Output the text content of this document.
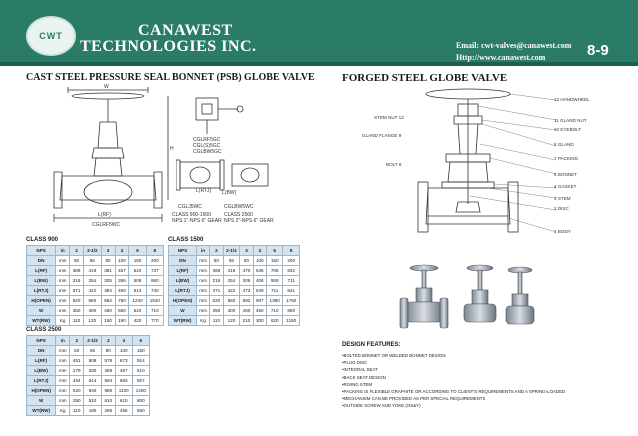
CWT	CANAWEST
TECHNOLOGIES INC.	Email: cwt-valves@canawest.com
Http://www.canawest.com	8-9
CAST STEEL PRESSURE SEAL BONNET (PSB) GLOBE VALVE FORGED STEEL GLOBE VALVE
W
H
L(RF)
CGLRF5WC
CGLRF5GC
CGL(S)5GC
CGLBW5GC
L(RTJ) L(BW)
CGLJ5WC	CGLBW5WC
CLASS 900-1500
NPS 1"-NPS 6" GEAR
CLASS 2500
NPS 2"-NPS 6" GEAR
CLASS 900
NPS	in	2	2-1/2	3	4	6	8
DN	mm	50	65	80	100	150	200
L(RF)	mm	368	419	381	457	610	737
L(BW)	mm	216	254	305	356	508	660
L(RTJ)	mm	371	422	384	460	613	740
H(OPEN)	mm	620	660	682	790	1240	1520
W	mm	350	400	450	560	610	710
WT(RW)	Kg	110	120	150	190	420	770
CLASS 1500
NPS	in	2	2-1/2	3	4	6	8
DN	mm	50	65	80	100	150	200
L(RF)	mm	368	419	470	546	705	832
L(BW)	mm	216	254	305	406	559	711
L(RTJ)	mm	371	422	473	549	711	841
H(OPEN)	mm	620	660	692	907	1380	1750
W	mm	350	400	450	460	710	800
WT(RW)	Kg	110	120	210	300	620	1190
CLASS 2500
NPS	in	2	2-1/2	3	4	6
DN	mm	50	65	80	100	150
L(RF)	mm	451	508	578	673	914
L(BW)	mm	279	330	368	457	610
L(RTJ)	mm	454	514	584	683	927
H(OPEN)	mm	620	840	980	1100	1400
W	mm	350	510	610	610	800
WT(RW)	Kg	110	180	280	465	550
13 HANDWHEEL
STEM NUT 12
11 GLAND NUT
10 EYEBOLT
GLAND FLANGE 9
8 GLAND
7 PACKING
BOLT 6
5 BONNET
4 GASKET
3 STEM
2 DISC
1 BODY
DESIGN FEATURES:
• BOLTED BONNET OR WELDED BONNET DESIGN
• PLUG DISC
• INTEGRAL SEAT
• BACK SEAT DESIGN
• RISING STEM
• PACKING IS FLEXIBLE GRAPHITE OR ACCORDING TO CLIENT'S REQUIREMENTS AND A SPRING-LOADED
• MECHANISM CAN BE PROVIDED AS PER SPECIAL REQUIREMENTS
• OUTSIDE SCREW AND YOKE (OS&Y)
